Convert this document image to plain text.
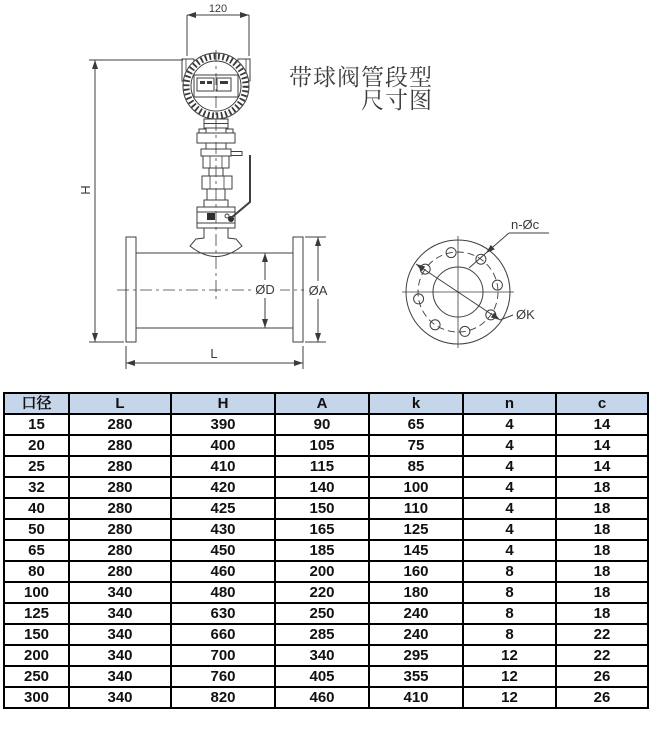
120
H
ØD	ØA
L
ØK
n-Øc
带球阀管段型
尺寸图
口径	L	H	A	k	n	c
15	280	390	90	65	4	14
20	280	400	105	75	4	14
25	280	410	115	85	4	14
32	280	420	140	100	4	18
40	280	425	150	110	4	18
50	280	430	165	125	4	18
65	280	450	185	145	4	18
80	280	460	200	160	8	18
100	340	480	220	180	8	18
125	340	630	250	240	8	18
150	340	660	285	240	8	22
200	340	700	340	295	12	22
250	340	760	405	355	12	26
300	340	820	460	410	12	26
